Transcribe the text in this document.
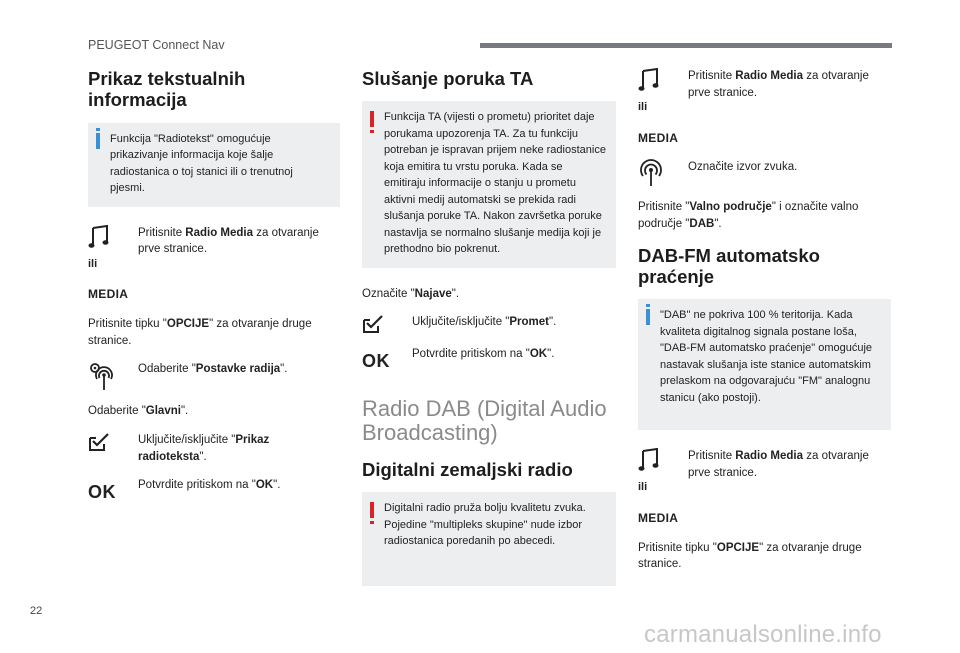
PEUGEOT Connect Nav
Prikaz tekstualnih informacija
Funkcija "Radiotekst" omogućuje prikazivanje informacija koje šalje radiostanica o toj stanici ili o trenutnoj pjesmi.
ili
MEDIA
Pritisnite Radio Media za otvaranje prve stranice.

Pritisnite tipku "OPCIJE" za otvaranje druge stranice.

Odaberite "Postavke radija".

Odaberite "Glavni".

Uključite/isključite "Prikaz radioteksta".
OK Potvrdite pritiskom na "OK".
Slušanje poruka TA
Funkcija TA (vijesti o prometu) prioritet daje porukama upozorenja TA. Za tu funkciju potreban je ispravan prijem neke radiostanice koja emitira tu vrstu poruka. Kada se emitiraju informacije o stanju u prometu aktivni medij automatski se prekida radi slušanja poruke TA. Nakon završetka poruke nastavlja se normalno slušanje medija koji je prethodno bio pokrenut.

Označite "Najave".

Uključite/isključite "Promet".
OK Potvrdite pritiskom na "OK".
Radio DAB (Digital Audio Broadcasting)
Digitalni zemaljski radio
Digitalni radio pruža bolju kvalitetu zvuka. Pojedine "multipleks skupine" nude izbor radiostanica poredanih po abecedi.
ili
MEDIA
Pritisnite Radio Media za otvaranje prve stranice.
Označite izvor zvuka.

Pritisnite "Valno područje" i označite valno područje "DAB".

DAB-FM automatsko praćenje
"DAB" ne pokriva 100 % teritorija. Kada kvaliteta digitalnog signala postane loša, "DAB-FM automatsko praćenje" omogućuje nastavak slušanja iste stanice automatskim prelaskom na odgovarajuću "FM" analognu stanicu (ako postoji).
ili
MEDIA
Pritisnite Radio Media za otvaranje prve stranice.

Pritisnite tipku "OPCIJE" za otvaranje druge stranice.

22
carmanualsonline.info
